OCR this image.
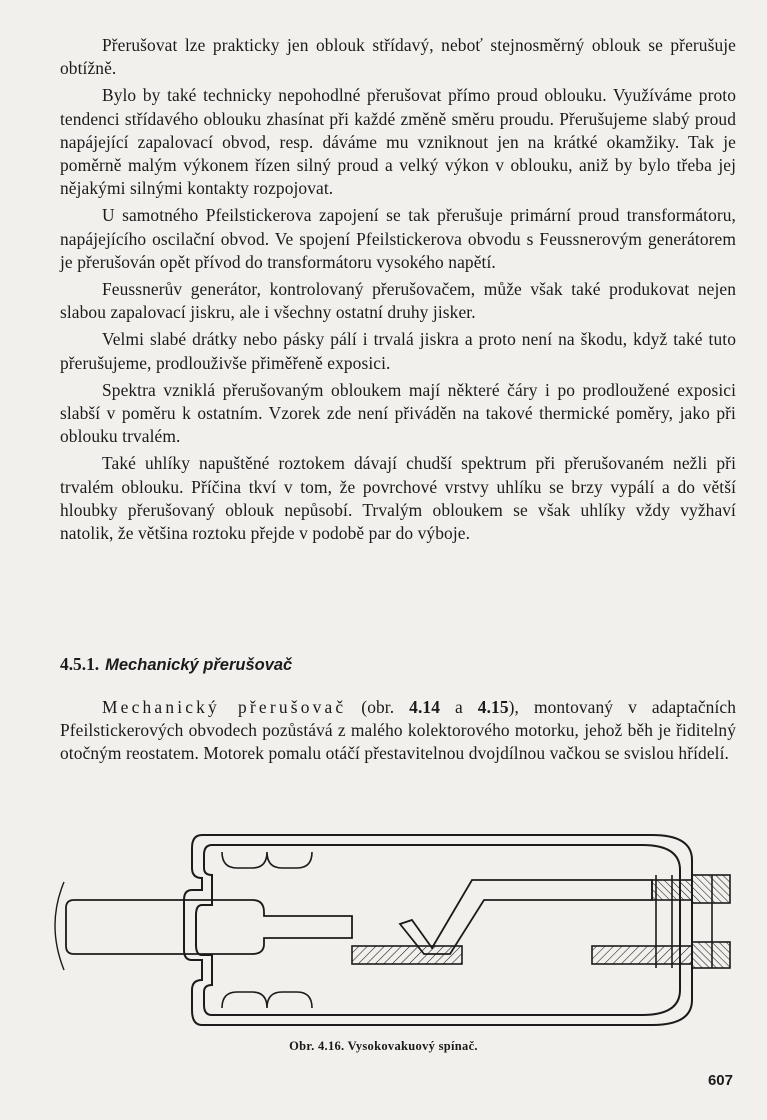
Přerušovat lze prakticky jen oblouk střídavý, neboť stejnosměrný oblouk se přerušuje obtížně.

Bylo by také technicky nepohodlné přerušovat přímo proud oblouku. Využíváme proto tendenci střídavého oblouku zhasínat při každé změně směru proudu. Přerušujeme slabý proud napájející zapalovací obvod, resp. dáváme mu vzniknout jen na krátké okamžiky. Tak je poměrně malým výkonem řízen silný proud a velký výkon v oblouku, aniž by bylo třeba jej nějakými silnými kontakty rozpojovat.

U samotného Pfeilstickerova zapojení se tak přerušuje primární proud transformátoru, napájejícího oscilační obvod. Ve spojení Pfeilstickerova obvodu s Feussnerovým generátorem je přerušován opět přívod do transformátoru vysokého napětí.

Feussnerův generátor, kontrolovaný přerušovačem, může však také produkovat nejen slabou zapalovací jiskru, ale i všechny ostatní druhy jisker.

Velmi slabé drátky nebo pásky pálí i trvalá jiskra a proto není na škodu, když také tuto přerušujeme, prodlouživše přiměřeně exposici.

Spektra vzniklá přerušovaným obloukem mají některé čáry i po prodloužené exposici slabší v poměru k ostatním. Vzorek zde není přiváděn na takové thermické poměry, jako při oblouku trvalém.

Také uhlíky napuštěné roztokem dávají chudší spektrum při přerušovaném nežli při trvalém oblouku. Příčina tkví v tom, že povrchové vrstvy uhlíku se brzy vypálí a do větší hloubky přerušovaný oblouk nepůsobí. Trvalým obloukem se však uhlíky vždy vyžhaví natolik, že většina roztoku přejde v podobě par do výboje.

4.5.1. Mechanický přerušovač

Mechanický přerušovač (obr. 4.14 a 4.15), montovaný v adaptačních Pfeilstickerových obvodech pozůstává z malého kolektorového motorku, jehož běh je řiditelný otočným reostatem. Motorek pomalu otáčí přestavitelnou dvojdílnou vačkou se svislou hřídelí.

Obr. 4.16. Vysokovakuový spínač.
607
